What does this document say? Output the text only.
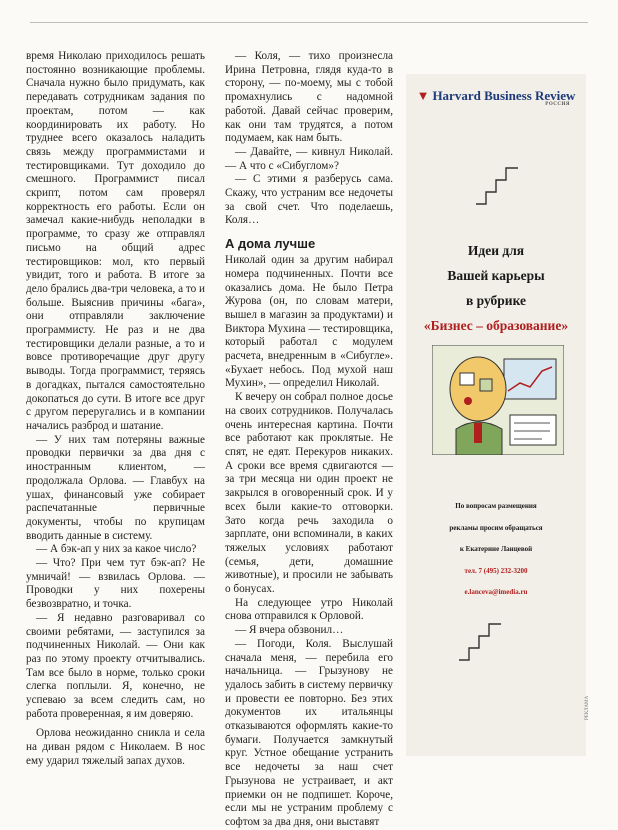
время Николаю приходилось решать постоянно возникающие проблемы. Сначала нужно было придумать, как передавать сотрудникам задания по проектам, потом — как координировать их работу. Но труднее всего оказалось наладить связь между программистами и тестировщиками. Тут доходило до смешного. Программист писал скрипт, потом сам проверял корректность его работы. Если он замечал какие-нибудь неполадки в программе, то сразу же отправлял письмо на общий адрес тестировщиков: мол, кто первый увидит, того и работа. В итоге за дело брались два-три человека, а то и больше. Выяснив причины «бага», они отправляли заключение программисту. Не раз и не два тестировщики делали разные, а то и вовсе противоречащие друг другу выводы. Тогда программист, теряясь в догадках, пытался самостоятельно докопаться до сути. В итоге все друг с другом переругались и в компании начались разброд и шатание.

— У них там потеряны важные проводки первички за два дня с иностранным клиентом, — продолжала Орлова. — Главбух на ушах, финансовый уже собирает распечатанные первичные документы, чтобы по крупицам вводить данные в систему.

— А бэк-ап у них за какое число?

— Что? При чем тут бэк-ап? Не умничай! — взвилась Орлова. — Проводки у них похерены безвозвратно, и точка.

— Я недавно разговаривал со своими ребятами, — заступился за подчиненных Николай. — Они как раз по этому проекту отчитывались. Там все было в норме, только сроки слегка поплыли. Я, конечно, не успеваю за всем следить сам, но работа проверенная, я им доверяю.

Орлова неожиданно сникла и села на диван рядом с Николаем. В нос ему ударил тяжелый запах духов.

— Коля, — тихо произнесла Ирина Петровна, глядя куда-то в сторону, — по-моему, мы с тобой промахнулись с надомной работой. Давай сейчас проверим, как они там трудятся, а потом подумаем, как нам быть.

— Давайте, — кивнул Николай. — А что с «Сибуглом»?

— С этими я разберусь сама. Скажу, что устраним все недочеты за свой счет. Что поделаешь, Коля…

А дома лучше

Николай один за другим набирал номера подчиненных. Почти все оказались дома. Не было Петра Журова (он, по словам матери, вышел в магазин за продуктами) и Виктора Мухина — тестировщика, который работал с модулем расчета, внедренным в «Сибугле». «Бухает небось. Под мухой наш Мухин», — определил Николай.

К вечеру он собрал полное досье на своих сотрудников. Получалась очень интересная картина. Почти все работают как проклятые. Не спят, не едят. Перекуров никаких. А сроки все время сдвигаются — за три месяца ни один проект не закрылся в оговоренный срок. И у всех были какие-то отговорки. Зато когда речь заходила о зарплате, они вспоминали, в каких тяжелых условиях работают (семья, дети, домашние животные), и просили не забывать о бонусах.

На следующее утро Николай снова отправился к Орловой.

— Я вчера обзвонил…

— Погоди, Коля. Выслушай сначала меня, — перебила его начальница. — Грызунову не удалось забить в систему первичку и провести ее повторно. Без этих документов их итальянцы отказываются оформлять какие-то бумаги. Получается замкнутый круг. Устное обещание устранить все недочеты за наш счет Грызунова не устраивает, и акт приемки он не подпишет. Короче, если мы не устраним проблему с софтом за два дня, они выставят

▼ Harvard Business Review
РОССИЯ
Идеи для
Вашей карьеры
в рубрике
«Бизнес – образование»
По вопросам размещения
рекламы просим обращаться
к Екатерине Ланцевой
тел. 7 (495) 232-3200
e.lanceva@imedia.ru
РЕКЛАМА
